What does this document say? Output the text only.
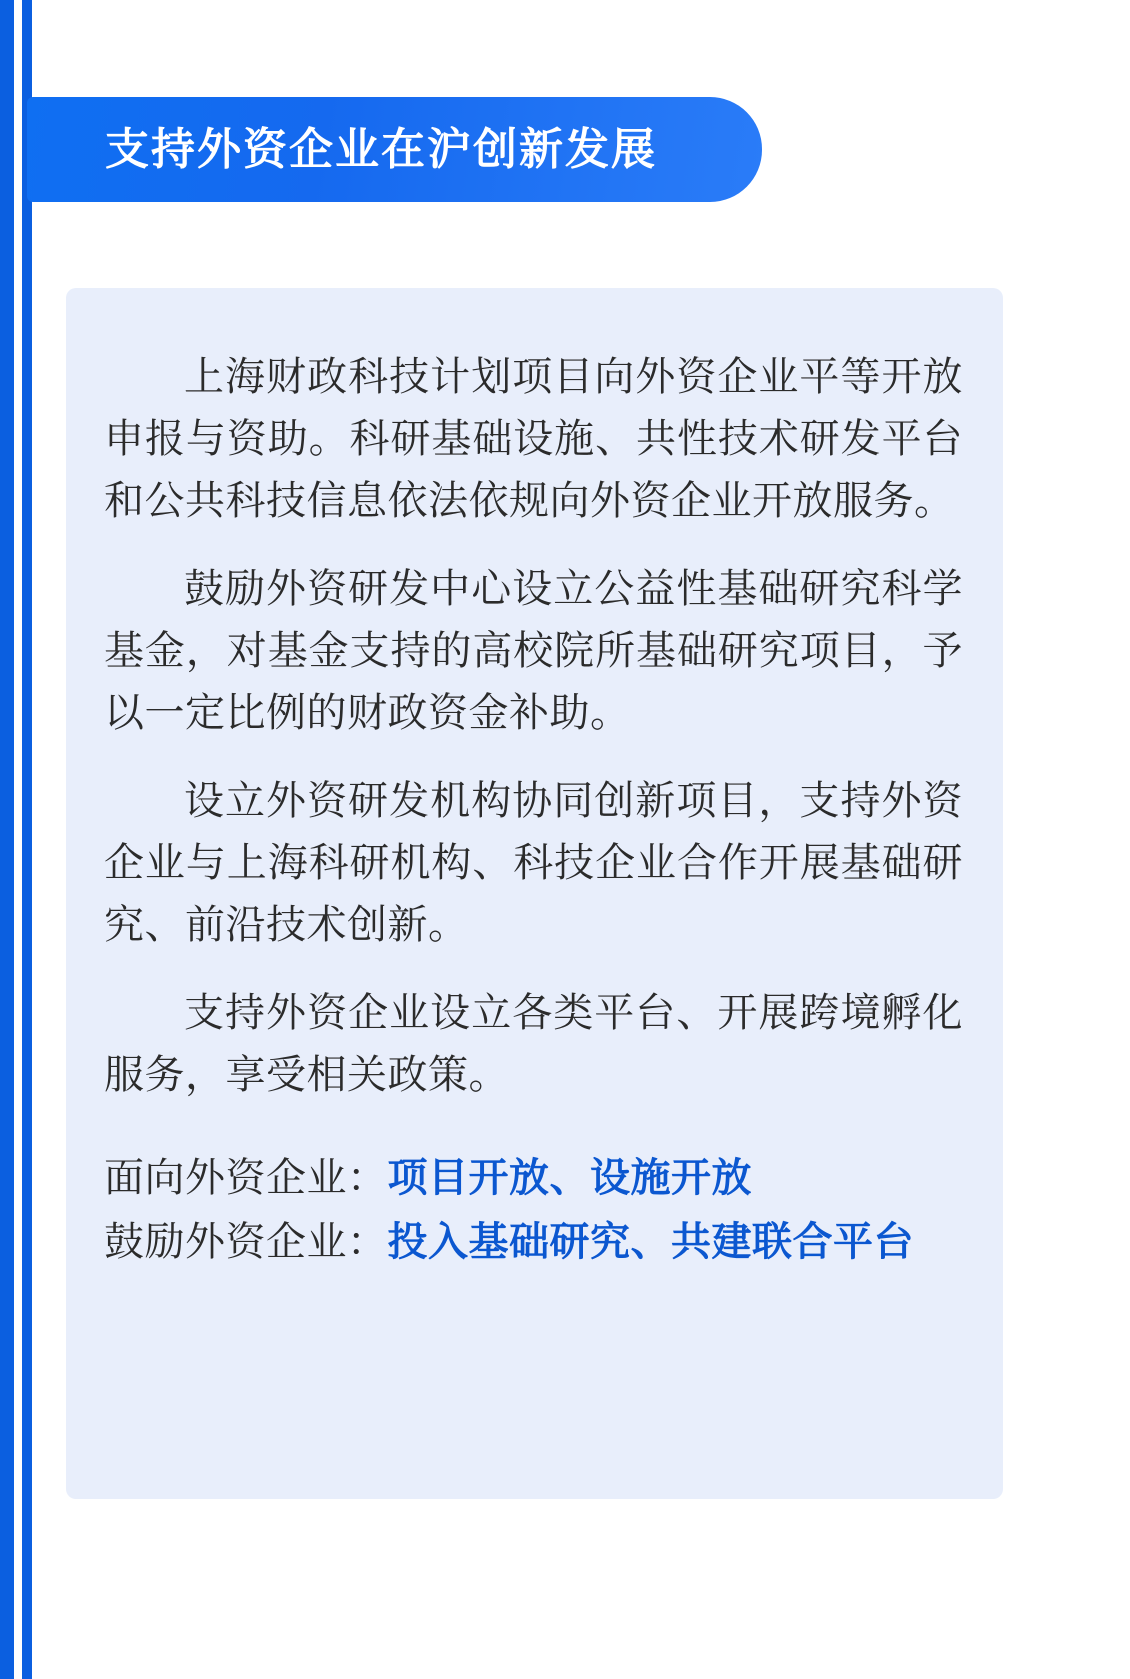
支持外资企业在沪创新发展

上海财政科技计划项目向外资企业平等开放申报与资助。科研基础设施、共性技术研发平台和公共科技信息依法依规向外资企业开放服务。

鼓励外资研发中心设立公益性基础研究科学基金，对基金支持的高校院所基础研究项目，予以一定比例的财政资金补助。

设立外资研发机构协同创新项目，支持外资企业与上海科研机构、科技企业合作开展基础研究、前沿技术创新。

支持外资企业设立各类平台、开展跨境孵化服务，享受相关政策。

面向外资企业：项目开放、设施开放
鼓励外资企业：投入基础研究、共建联合平台
